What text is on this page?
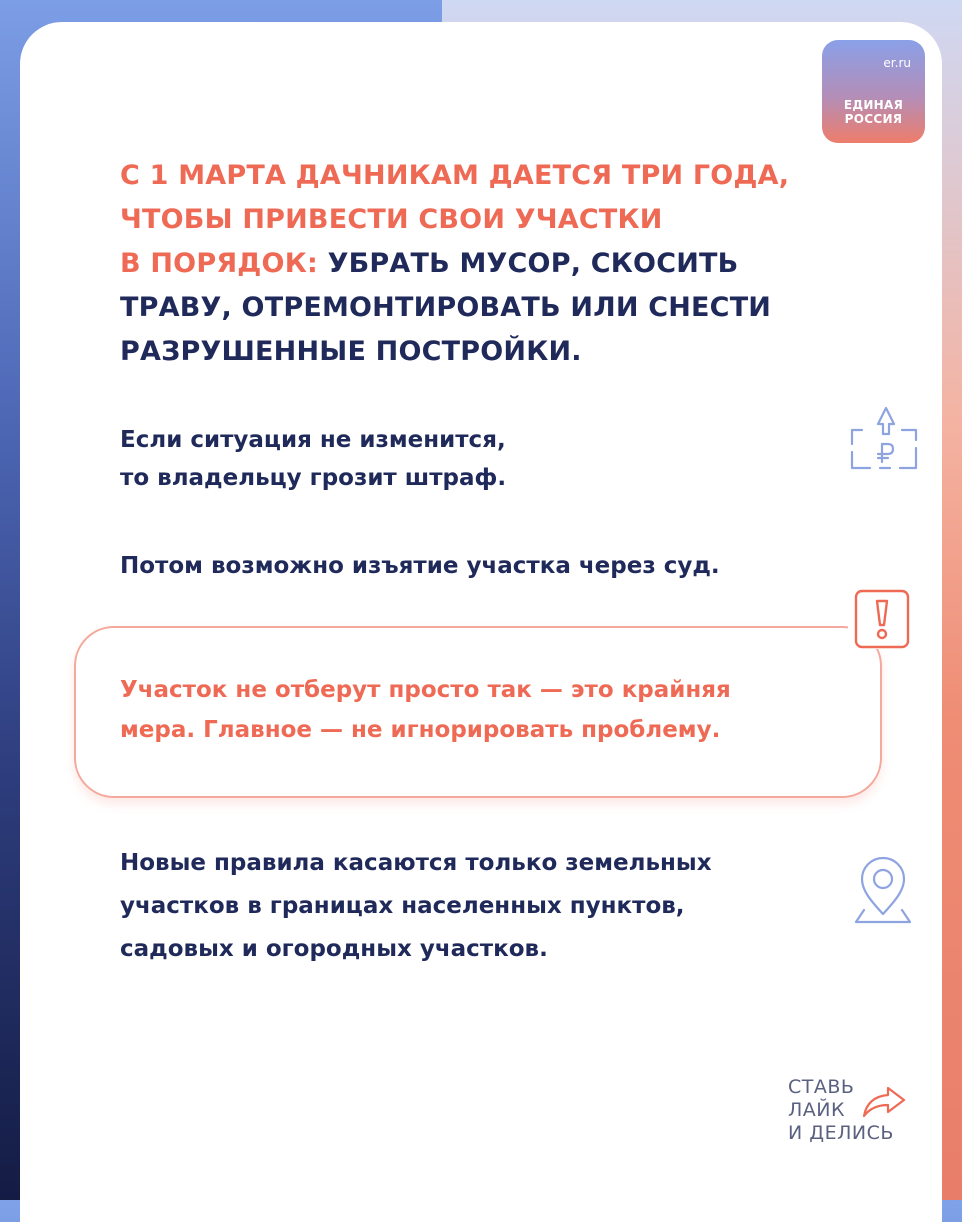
er.ru
ЕДИНАЯ
РОССИЯ

С 1 МАРТА ДАЧНИКАМ ДАЕТСЯ ТРИ ГОДА,
ЧТОБЫ ПРИВЕСТИ СВОИ УЧАСТКИ
В ПОРЯДОК: УБРАТЬ МУСОР, СКОСИТЬ
ТРАВУ, ОТРЕМОНТИРОВАТЬ ИЛИ СНЕСТИ
РАЗРУШЕННЫЕ ПОСТРОЙКИ.

Если ситуация не изменится,
то владельцу грозит штраф.

Потом возможно изъятие участка через суд.

Участок не отберут просто так — это крайняя
мера. Главное — не игнорировать проблему.

Новые правила касаются только земельных
участков в границах населенных пунктов,
садовых и огородных участков.

СТАВЬ
ЛАЙК
И ДЕЛИСЬ
